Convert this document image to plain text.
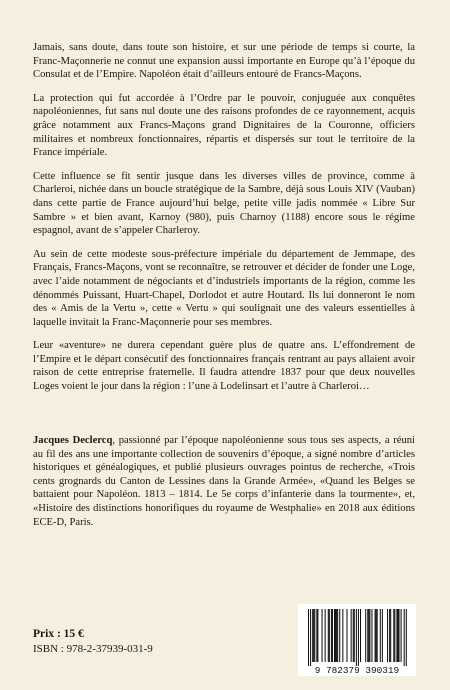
Jamais, sans doute, dans toute son histoire, et sur une période de temps si courte, la Franc-Maçonnerie ne connut une expansion aussi importante en Europe qu’à l’époque du Consulat et de l’Empire. Napoléon était d’ailleurs entouré de Francs-Maçons.

La protection qui fut accordée à l’Ordre par le pouvoir, conjuguée aux conquêtes napoléoniennes, fut sans nul doute une des raisons profondes de ce rayonnement, acquis grâce notamment aux Francs-Maçons grand Dignitaires de la Couronne, officiers militaires et nombreux fonctionnaires, répartis et dispersés sur tout le territoire de la France impériale.

Cette influence se fit sentir jusque dans les diverses villes de province, comme à Charleroi, nichée dans un boucle stratégique de la Sambre, déjà sous Louis XIV (Vauban) dans cette partie de France aujourd’hui belge, petite ville jadis nommée « Libre Sur Sambre » et bien avant, Karnoy (980), puis Charnoy (1188) encore sous le régime espagnol, avant de s’appeler Charleroy.

Au sein de cette modeste sous-préfecture impériale du département de Jemmape, des Français, Francs-Maçons, vont se reconnaître, se retrouver et décider de fonder une Loge, avec l’aide notamment de négociants et d’industriels importants de la région, comme les dénommés Puissant, Huart-Chapel, Dorlodot et autre Houtard. Ils lui donneront le nom des « Amis de la Vertu », cette « Vertu » qui soulignait une des valeurs essentielles à laquelle invitait la Franc-Maçonnerie pour ses membres.

Leur «aventure» ne durera cependant guère plus de quatre ans. L’effondrement de l’Empire et le départ consécutif des fonctionnaires français rentrant au pays allaient avoir raison de cette entreprise fraternelle. Il faudra attendre 1837 pour que deux nouvelles Loges voient le jour dans la région : l’une à Lodelinsart et l’autre à Charleroi…

Jacques Declercq, passionné par l’époque napoléonienne sous tous ses aspects, a réuni au fil des ans une importante collection de souvenirs d’époque, a signé nombre d’articles historiques et généalogiques, et publié plusieurs ouvrages pointus de recherche, «Trois cents grognards du Canton de Lessines dans la Grande Armée», «Quand les Belges se battaient pour Napoléon. 1813 – 1814. Le 5e corps d’infanterie dans la tourmente», et, «Histoire des distinctions honorifiques du royaume de Westphalie» en 2018 aux éditions ECE-D, Paris.

Prix : 15 €

ISBN : 978-2-37939-031-9

9 782379 390319
